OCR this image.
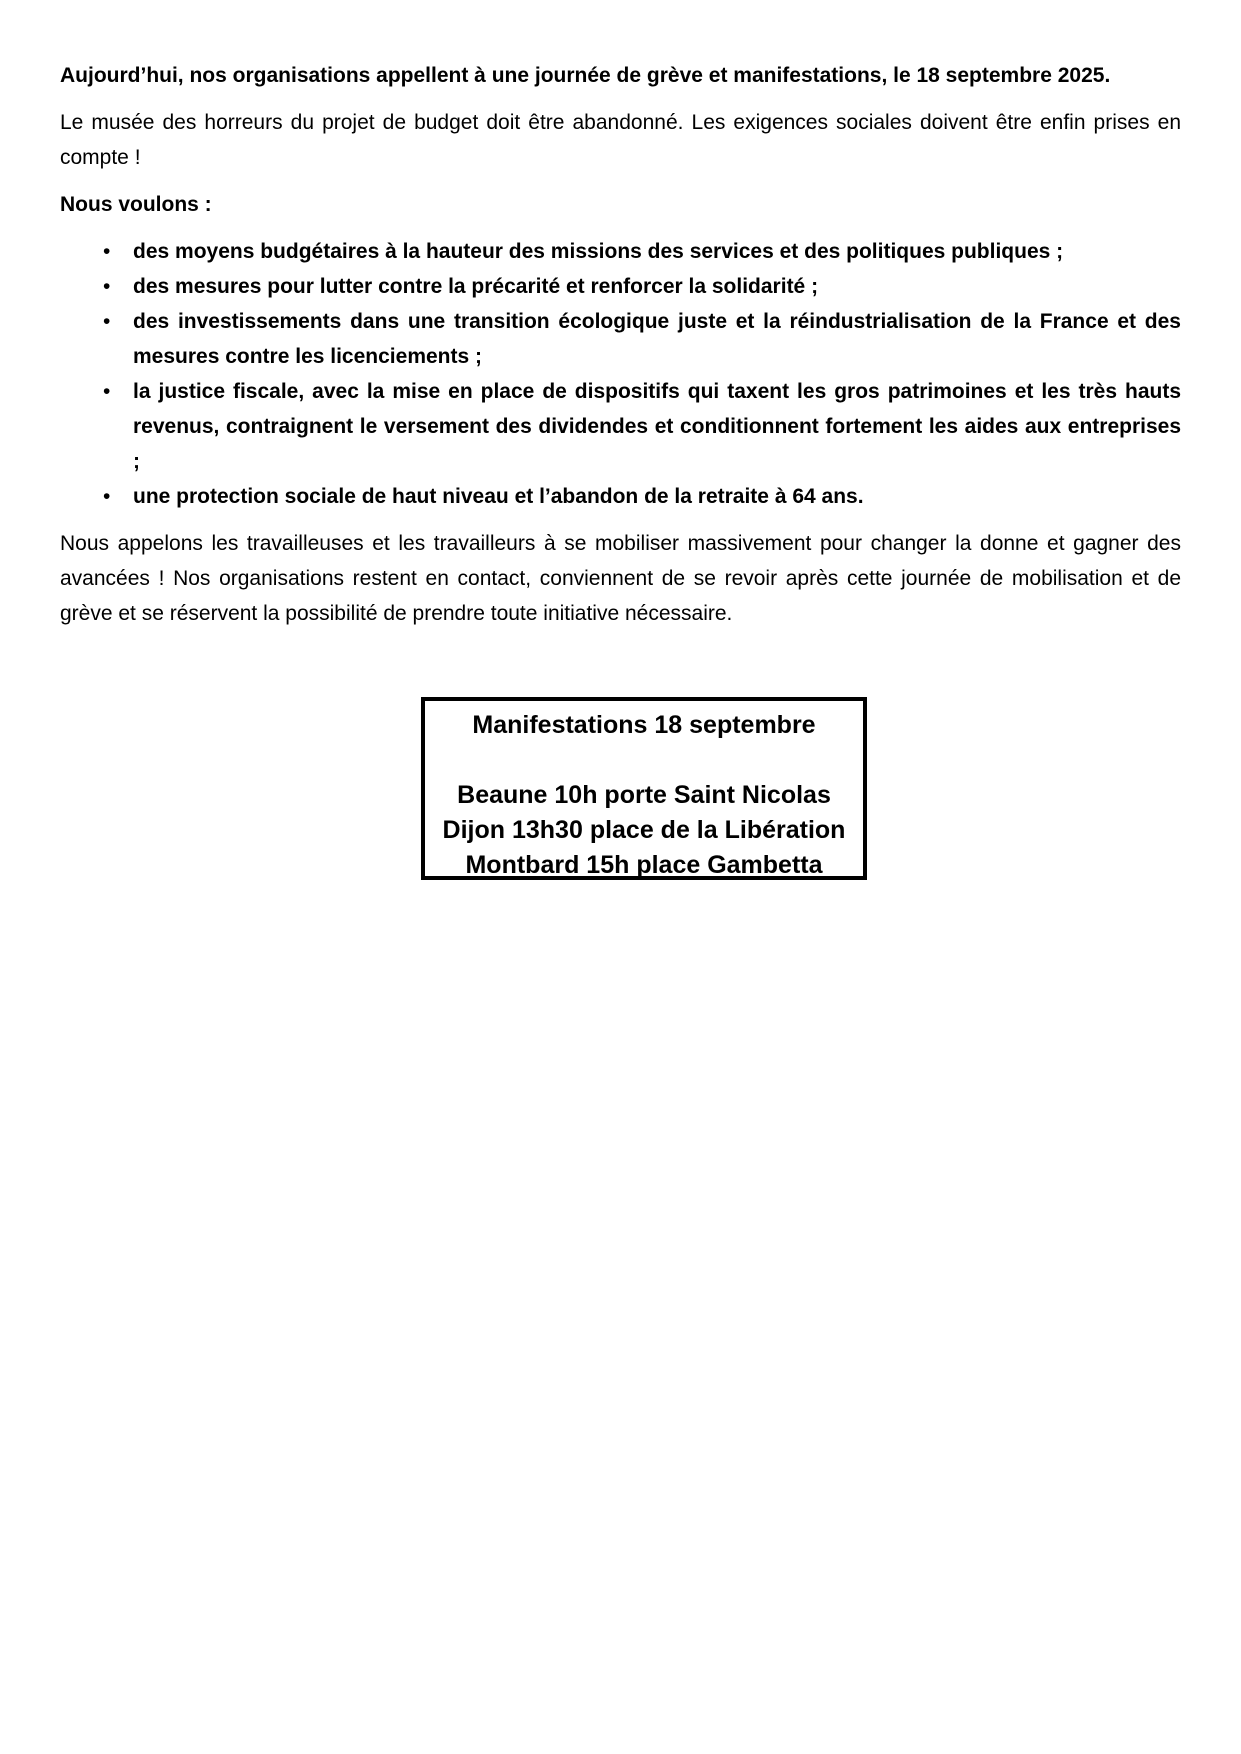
Aujourd’hui, nos organisations appellent à une journée de grève et manifestations, le 18 septembre 2025.

Le musée des horreurs du projet de budget doit être abandonné. Les exigences sociales doivent être enfin prises en compte !

Nous voulons :

• des moyens budgétaires à la hauteur des missions des services et des politiques publiques ;
• des mesures pour lutter contre la précarité et renforcer la solidarité ;
• des investissements dans une transition écologique juste et la réindustrialisation de la France et des mesures contre les licenciements ;
• la justice fiscale, avec la mise en place de dispositifs qui taxent les gros patrimoines et les très hauts revenus, contraignent le versement des dividendes et conditionnent fortement les aides aux entreprises ;
• une protection sociale de haut niveau et l’abandon de la retraite à 64 ans.

Nous appelons les travailleuses et les travailleurs à se mobiliser massivement pour changer la donne et gagner des avancées ! Nos organisations restent en contact, conviennent de se revoir après cette journée de mobilisation et de grève et se réservent la possibilité de prendre toute initiative nécessaire.

Manifestations 18 septembre
Beaune 10h porte Saint Nicolas
Dijon 13h30 place de la Libération
Montbard 15h place Gambetta
